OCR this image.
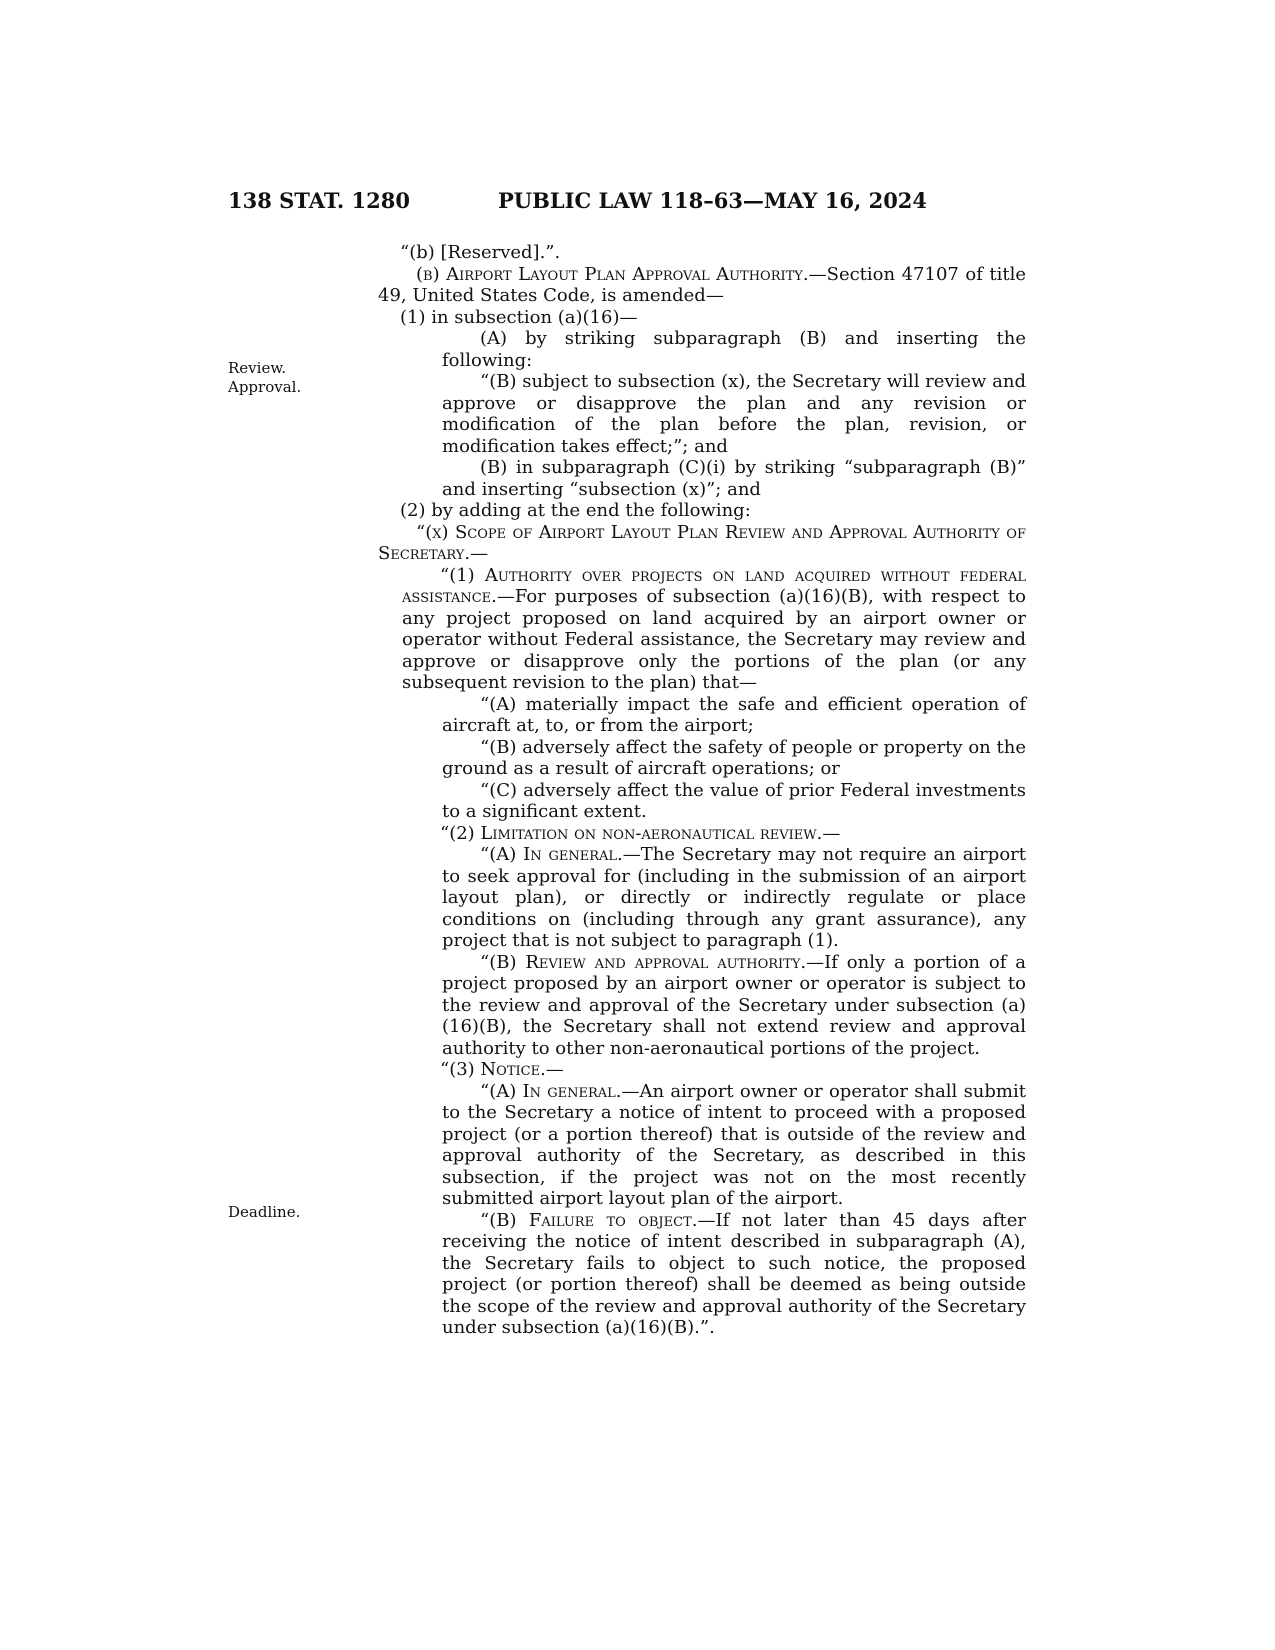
138 STAT. 1280	PUBLIC LAW 118–63—MAY 16, 2024
Review.
Approval.
Deadline.

“(b) [Reserved].”.

(b) Airport Layout Plan Approval Authority.—Section 47107 of title 49, United States Code, is amended—

(1) in subsection (a)(16)—

(A) by striking subparagraph (B) and inserting the following:

“(B) subject to subsection (x), the Secretary will review and approve or disapprove the plan and any revision or modification of the plan before the plan, revision, or modification takes effect;”; and

(B) in subparagraph (C)(i) by striking “subparagraph (B)” and inserting “subsection (x)”; and

(2) by adding at the end the following:

“(x) Scope of Airport Layout Plan Review and Approval Authority of Secretary.—

“(1) Authority over projects on land acquired without federal assistance.—For purposes of subsection (a)(16)(B), with respect to any project proposed on land acquired by an airport owner or operator without Federal assistance, the Secretary may review and approve or disapprove only the portions of the plan (or any subsequent revision to the plan) that—

“(A) materially impact the safe and efficient operation of aircraft at, to, or from the airport;

“(B) adversely affect the safety of people or property on the ground as a result of aircraft operations; or

“(C) adversely affect the value of prior Federal investments to a significant extent.

“(2) Limitation on non-aeronautical review.—

“(A) In general.—The Secretary may not require an airport to seek approval for (including in the submission of an airport layout plan), or directly or indirectly regulate or place conditions on (including through any grant assurance), any project that is not subject to paragraph (1).

“(B) Review and approval authority.—If only a portion of a project proposed by an airport owner or operator is subject to the review and approval of the Secretary under subsection (a)(16)(B), the Secretary shall not extend review and approval authority to other non-aeronautical portions of the project.

“(3) Notice.—

“(A) In general.—An airport owner or operator shall submit to the Secretary a notice of intent to proceed with a proposed project (or a portion thereof) that is outside of the review and approval authority of the Secretary, as described in this subsection, if the project was not on the most recently submitted airport layout plan of the airport.

“(B) Failure to object.—If not later than 45 days after receiving the notice of intent described in subparagraph (A), the Secretary fails to object to such notice, the proposed project (or portion thereof) shall be deemed as being outside the scope of the review and approval authority of the Secretary under subsection (a)(16)(B).”.
